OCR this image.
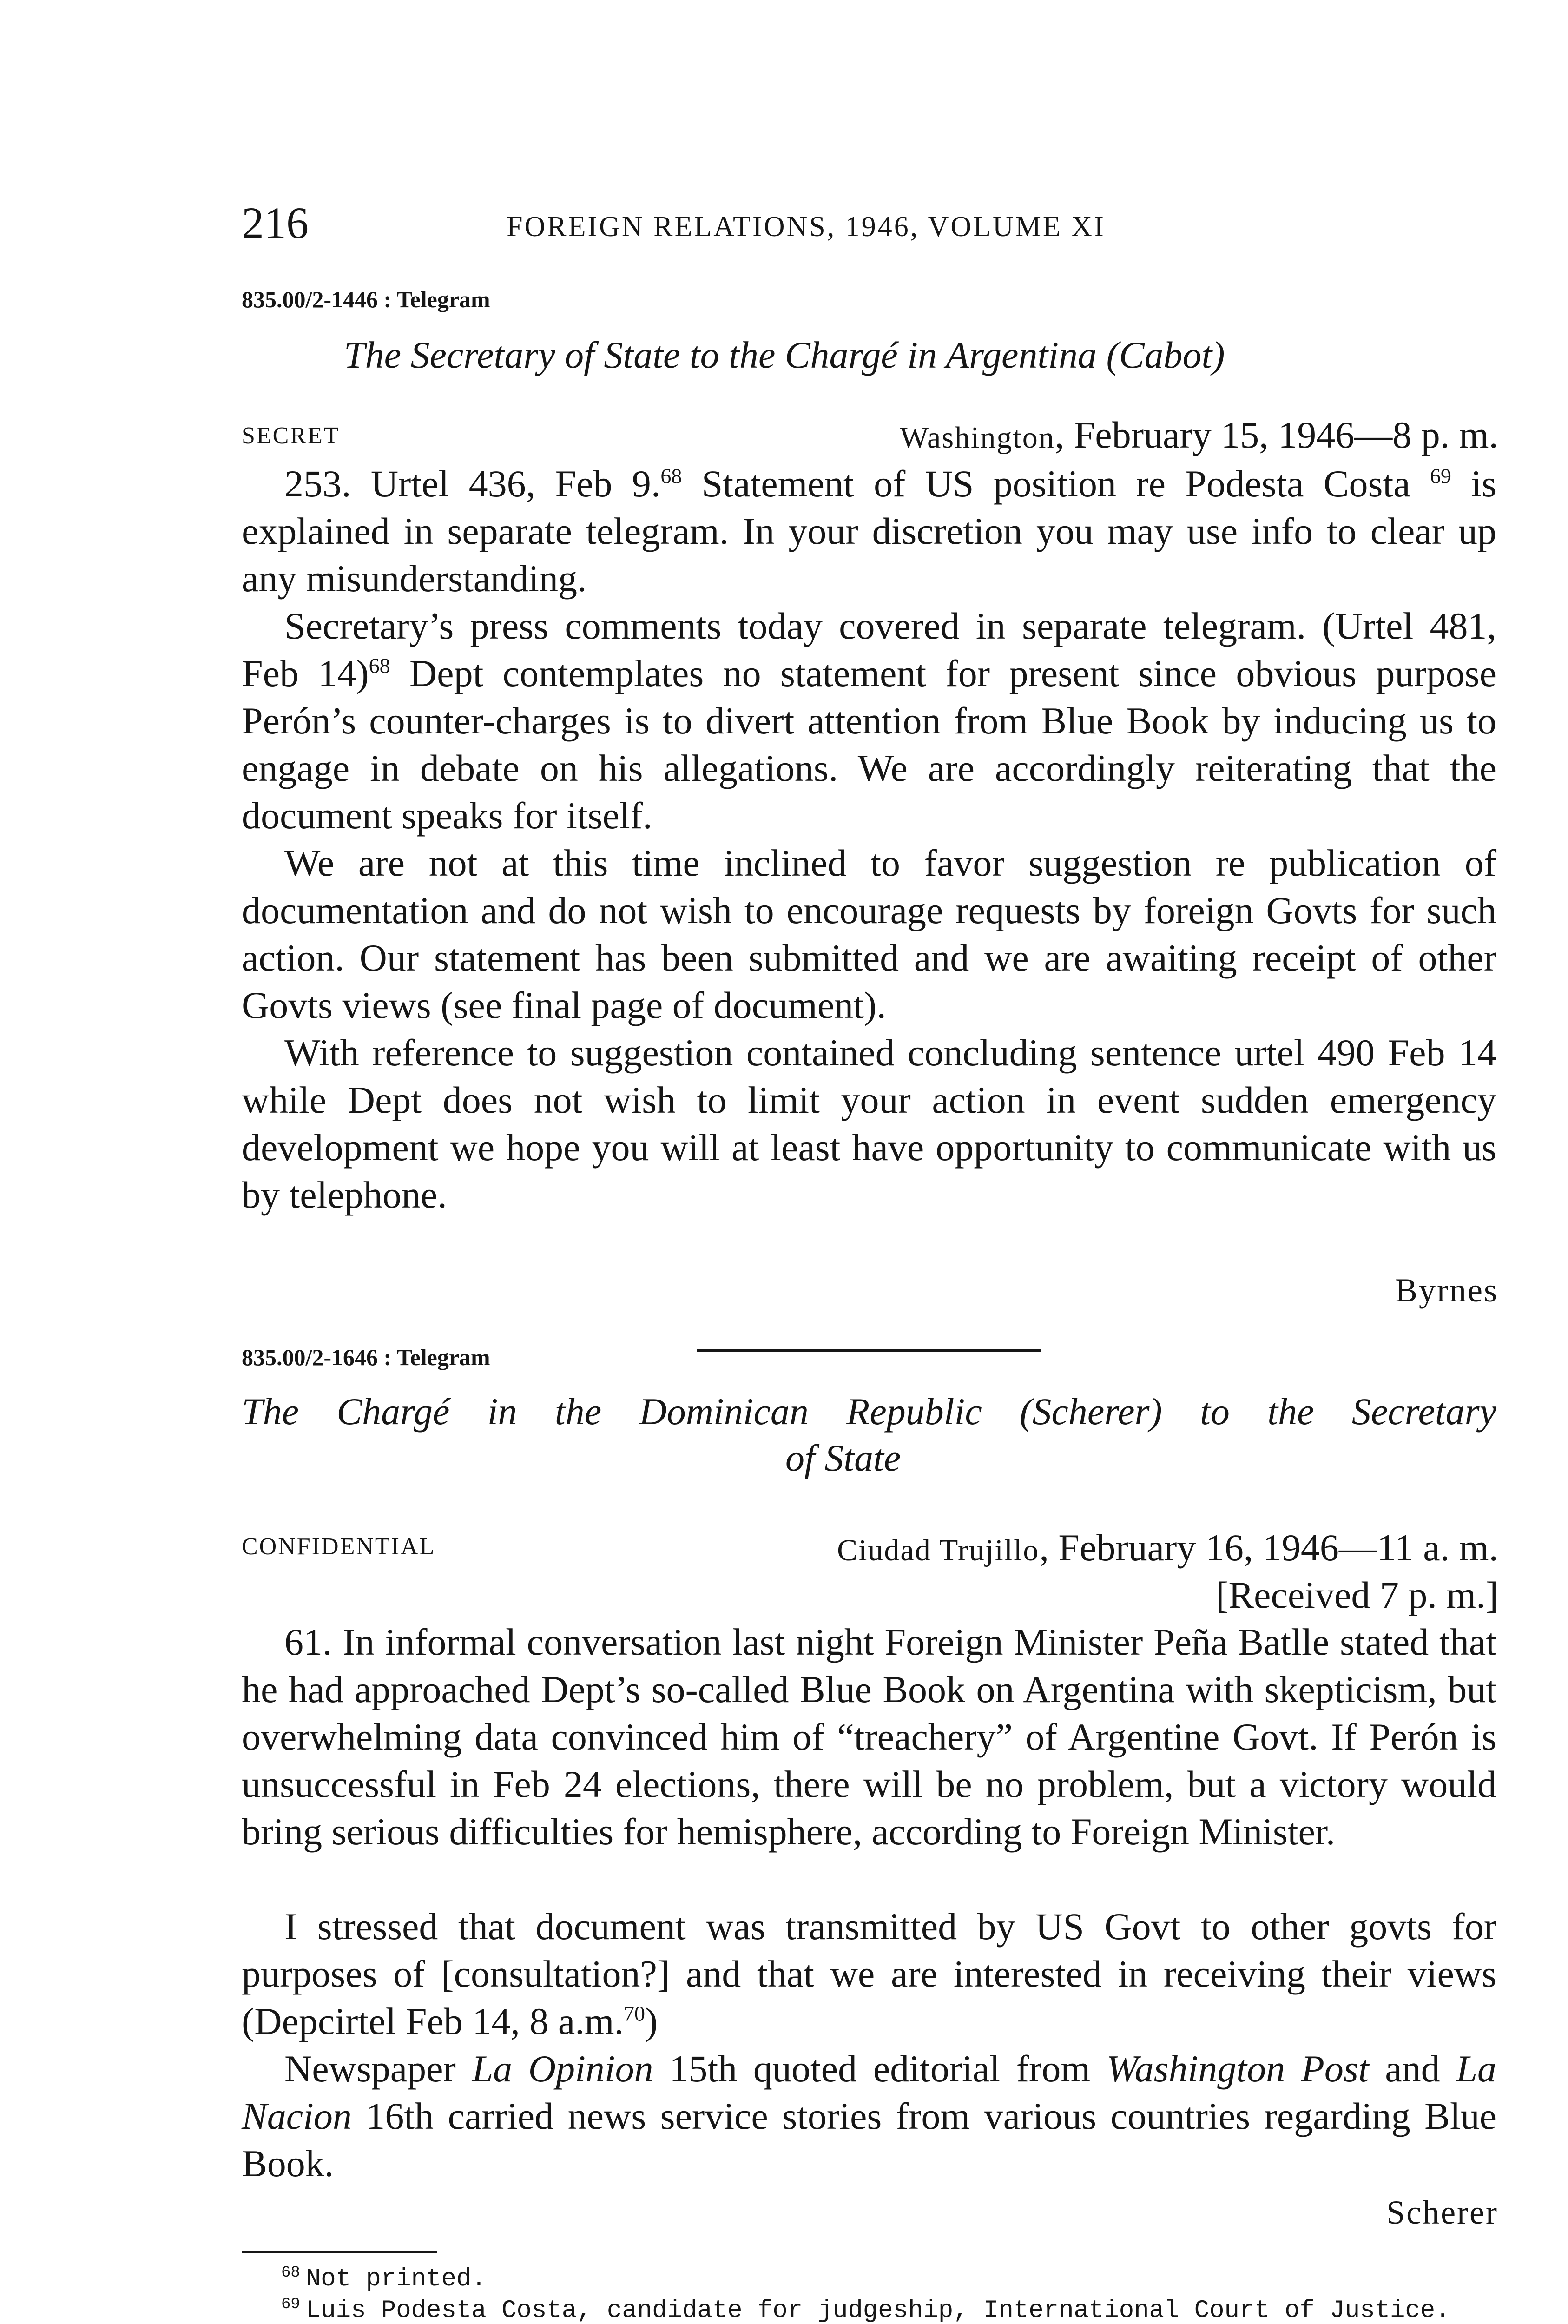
216	FOREIGN RELATIONS, 1946, VOLUME XI
835.00/2-1446 : Telegram
The Secretary of State to the Chargé in Argentina (Cabot)
SECRET	Washington, February 15, 1946—8 p. m.
253. Urtel 436, Feb 9.68 Statement of US position re Podesta Costa $^{69}$ is explained in separate telegram. In your discretion you may use info to clear up any misunderstanding.
Secretary’s press comments today covered in separate telegram. (Urtel 481, Feb 14)$^{68}$ Dept contemplates no statement for present since obvious purpose Perón’s counter-charges is to divert attention from Blue Book by inducing us to engage in debate on his allegations. We are accordingly reiterating that the document speaks for itself.
We are not at this time inclined to favor suggestion re publication of documentation and do not wish to encourage requests by foreign Govts for such action. Our statement has been submitted and we are awaiting receipt of other Govts views (see final page of document).
With reference to suggestion contained concluding sentence urtel 490 Feb 14 while Dept does not wish to limit your action in event sudden emergency development we hope you will at least have opportunity to communicate with us by telephone.
Byrnes
835.00/2-1646 : Telegram
The Chargé in the Dominican Republic (Scherer) to the Secretary
of State
CONFIDENTIAL	Ciudad Trujillo, February 16, 1946—11 a. m.
[Received 7 p. m.]
61. In informal conversation last night Foreign Minister Peña Batlle stated that he had approached Dept’s so-called Blue Book on Argentina with skepticism, but overwhelming data convinced him of “treachery” of Argentine Govt. If Perón is unsuccessful in Feb 24 elections, there will be no problem, but a victory would bring serious difficulties for hemisphere, according to Foreign Minister.
I stressed that document was transmitted by US Govt to other govts for purposes of [consultation?] and that we are interested in receiving their views (Depcirtel Feb 14, 8 a.m.$^{70}$)
Newspaper La Opinion 15th quoted editorial from Washington Post and La Nacion 16th carried news service stories from various countries regarding Blue Book.
Scherer
$^{68}$ Not printed.
$^{69}$ Luis Podesta Costa, candidate for judgeship, International Court of Justice.
